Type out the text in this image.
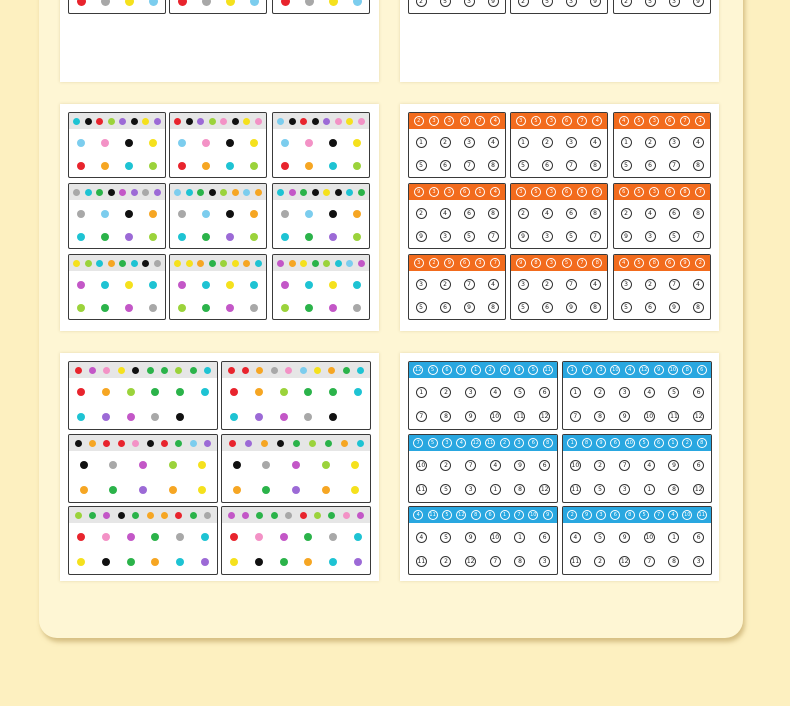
2	5	3	9	2	5	3	9	2	5	3	9
2	3	3	6	7	4
1	2	3	4
5	6	7	8
3	5	3	6	7	4
1	2	3	4
5	6	7	8
4	5	3	6	7	1
1	2	3	4
5	6	7	8
9	3	3	6	1	4
2	4	6	8
9	3	5	7
3	5	3	6	8	9
2	4	6	8
9	3	5	7
6	5	3	6	8	7
2	4	6	8
9	3	5	7
3	2	9	6	3	7
3	2	7	4
5	6	9	8
9	8	3	5	7	8
3	2	7	4
5	6	9	8
4	5	8	6	9	2
3	2	7	4
5	6	9	8
12	5	6	7	1	2	8	9	5	11
1	2	3	4	5	6
7	8	9	10	11	12
1	7	3	10	4	12	9	10	8	6
1	2	3	4	5	6
7	8	9	10	11	12
7	5	3	4	12	11	2	3	6	8
10	2	7	4	9	6
11	5	3	1	8	12
1	8	9	6	10	5	6	1	2	8
10	2	7	4	9	6
11	5	3	1	8	12
4	11	5	12	8	6	1	7	10	9
4	5	9	10	1	6
11	2	12	7	8	3
2	9	3	6	8	5	7	4	10	11
4	5	9	10	1	6
11	2	12	7	8	3
